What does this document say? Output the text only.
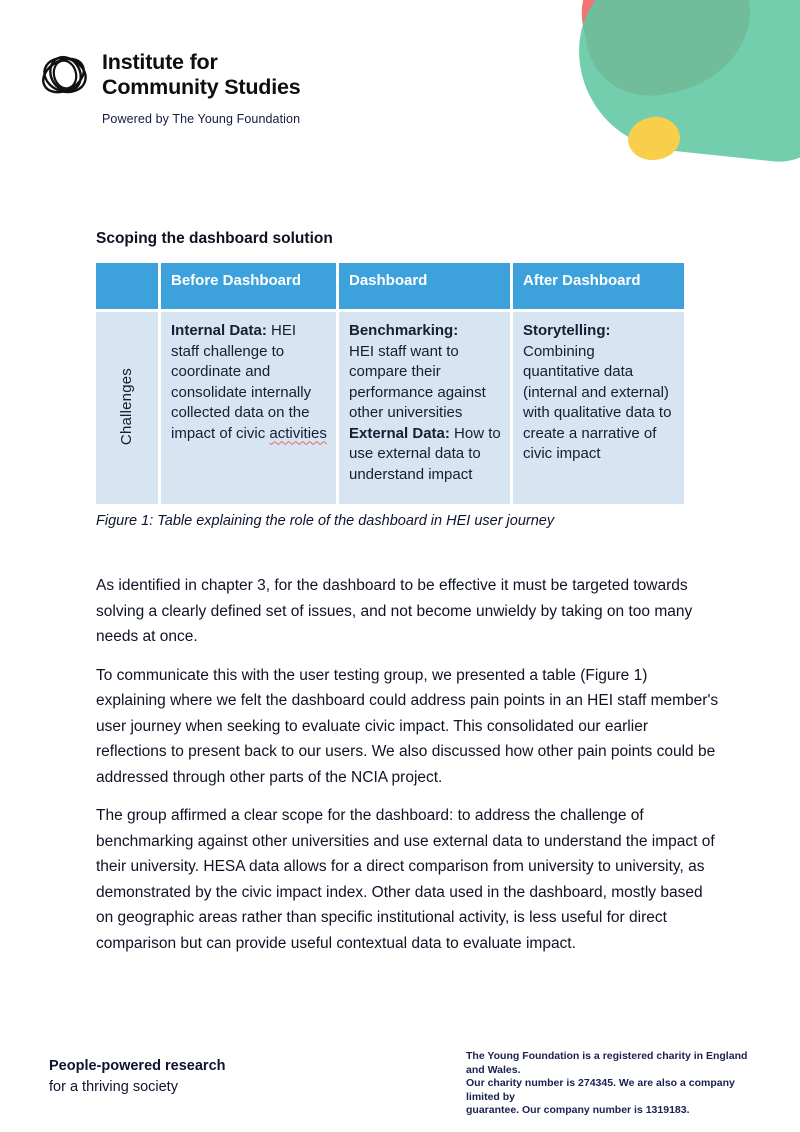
Institute for
Community Studies
Powered by The Young Foundation
Scoping the dashboard solution
Before Dashboard	Dashboard	After Dashboard
Challenges
Internal Data: HEI staff challenge to coordinate and consolidate internally collected data on the impact of civic activities
Benchmarking:
HEI staff want to compare their performance against other universities External Data: How to use external data to understand impact
Storytelling: Combining quantitative data (internal and external) with qualitative data to create a narrative of civic impact
Figure 1: Table explaining the role of the dashboard in HEI user journey

As identified in chapter 3, for the dashboard to be effective it must be targeted towards solving a clearly defined set of issues, and not become unwieldy by taking on too many needs at once.

To communicate this with the user testing group, we presented a table (Figure 1) explaining where we felt the dashboard could address pain points in an HEI staff member's user journey when seeking to evaluate civic impact. This consolidated our earlier reflections to present back to our users. We also discussed how other pain points could be addressed through other parts of the NCIA project.

The group affirmed a clear scope for the dashboard: to address the challenge of benchmarking against other universities and use external data to understand the impact of their university. HESA data allows for a direct comparison from university to university, as demonstrated by the civic impact index. Other data used in the dashboard, mostly based on geographic areas rather than specific institutional activity, is less useful for direct comparison but can provide useful contextual data to evaluate impact.

People-powered research
for a thriving society
The Young Foundation is a registered charity in England and Wales.
Our charity number is 274345. We are also a company limited by
guarantee. Our company number is 1319183.
